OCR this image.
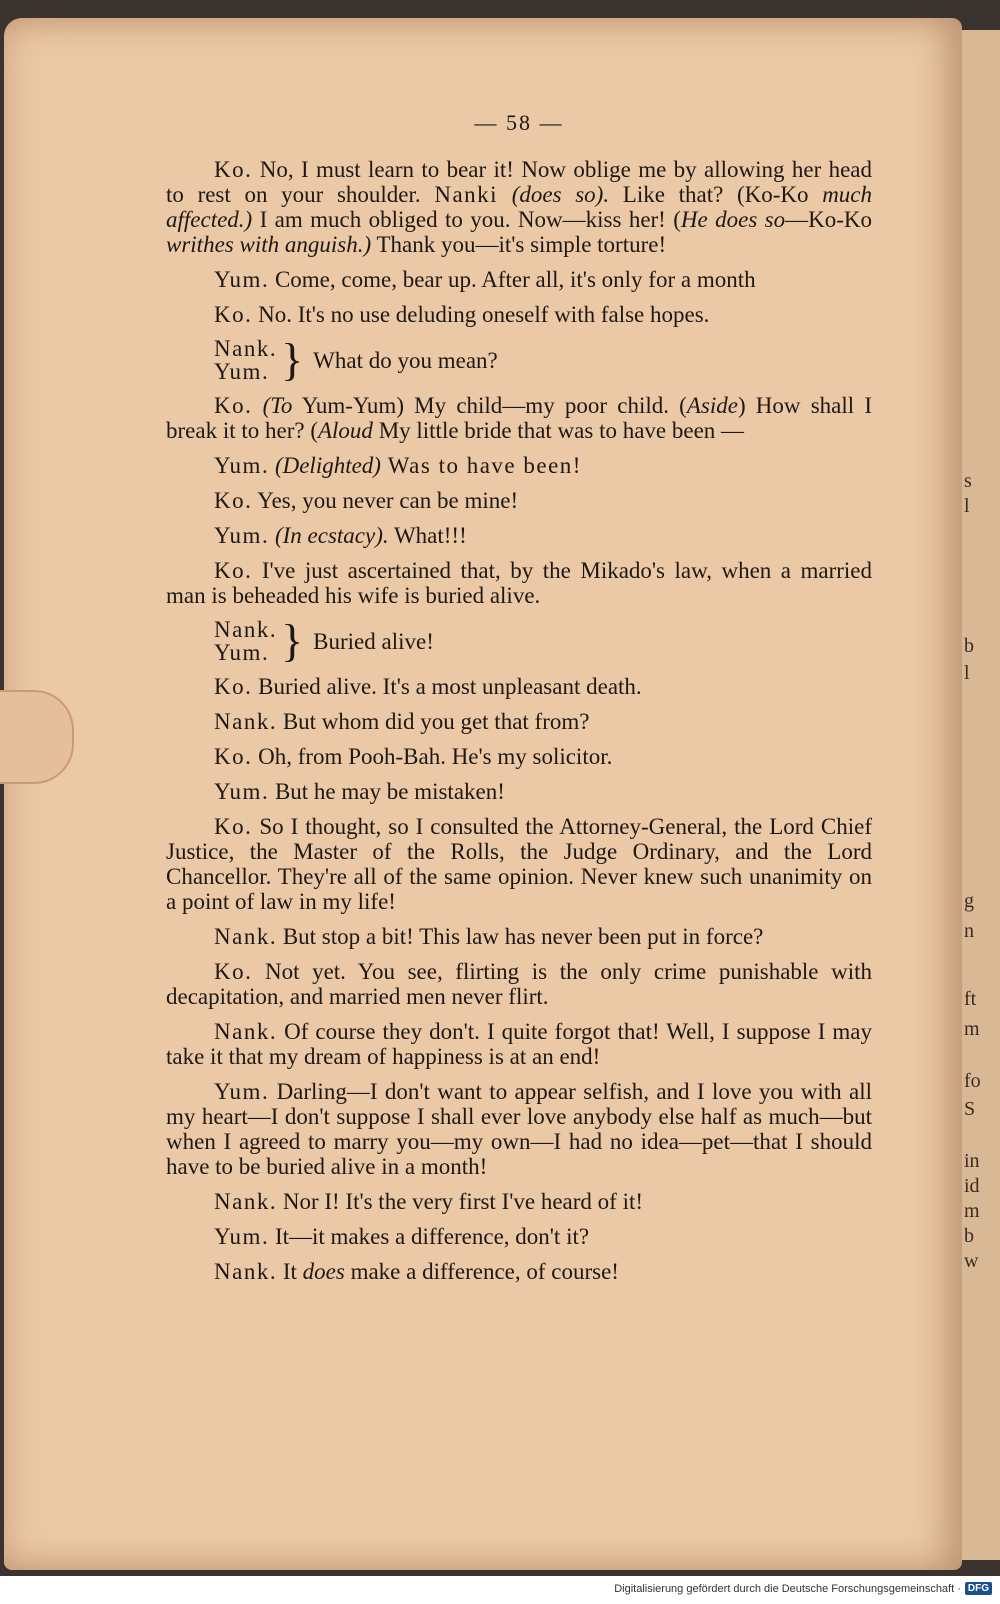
s
l
b
l
g
n
ft
m
fo
S
in
id
m
b
w
— 58 —

Ko. No, I must learn to bear it! Now oblige me by allowing her head to rest on your shoulder. Nanki (does so). Like that? (Ko-Ko much affected.) I am much obliged to you. Now—kiss her! (He does so—Ko-Ko writhes with anguish.) Thank you—it's simple torture!

Yum. Come, come, bear up. After all, it's only for a month

Ko. No. It's no use deluding oneself with false hopes.

Nank.
Yum. } What do you mean?

Ko. (To Yum-Yum) My child—my poor child. (Aside) How shall I break it to her? (Aloud My little bride that was to have been —

Yum. (Delighted) Was to have been!

Ko. Yes, you never can be mine!

Yum. (In ecstacy). What!!!

Ko. I've just ascertained that, by the Mikado's law, when a married man is beheaded his wife is buried alive.

Nank.
Yum. } Buried alive!

Ko. Buried alive. It's a most unpleasant death.

Nank. But whom did you get that from?

Ko. Oh, from Pooh-Bah. He's my solicitor.

Yum. But he may be mistaken!

Ko. So I thought, so I consulted the Attorney-General, the Lord Chief Justice, the Master of the Rolls, the Judge Ordinary, and the Lord Chancellor. They're all of the same opinion. Never knew such unanimity on a point of law in my life!

Nank. But stop a bit! This law has never been put in force?

Ko. Not yet. You see, flirting is the only crime punishable with decapitation, and married men never flirt.

Nank. Of course they don't. I quite forgot that! Well, I suppose I may take it that my dream of happiness is at an end!

Yum. Darling—I don't want to appear selfish, and I love you with all my heart—I don't suppose I shall ever love anybody else half as much—but when I agreed to marry you—my own—I had no idea—pet—that I should have to be buried alive in a month!

Nank. Nor I! It's the very first I've heard of it!

Yum. It—it makes a difference, don't it?

Nank. It does make a difference, of course!

Digitalisierung gefördert durch die Deutsche Forschungsgemeinschaft · DFG
